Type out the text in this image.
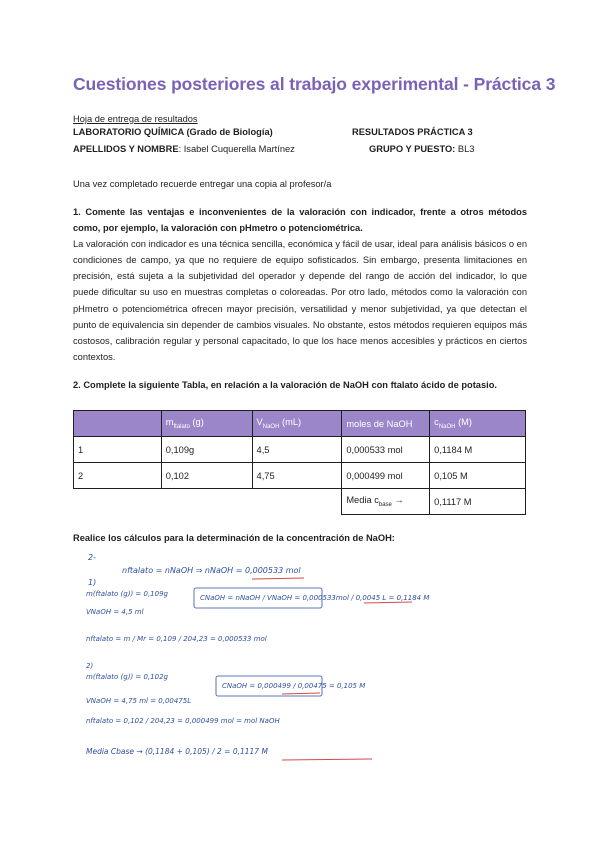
Cuestiones posteriores al trabajo experimental - Práctica 3
Hoja de entrega de resultados
LABORATORIO QUÍMICA (Grado de Biología)	RESULTADOS PRÁCTICA 3
APELLIDOS Y NOMBRE: Isabel Cuquerella Martínez	GRUPO Y PUESTO: BL3
Una vez completado recuerde entregar una copia al profesor/a
1. Comente las ventajas e inconvenientes de la valoración con indicador, frente a otros métodos como, por ejemplo, la valoración con pHmetro o potenciométrica.
La valoración con indicador es una técnica sencilla, económica y fácil de usar, ideal para análisis básicos o en condiciones de campo, ya que no requiere de equipo sofisticados. Sin embargo, presenta limitaciones en precisión, está sujeta a la subjetividad del operador y depende del rango de acción del indicador, lo que puede dificultar su uso en muestras completas o coloreadas. Por otro lado, métodos como la valoración con pHmetro o potenciométrica ofrecen mayor precisión, versatilidad y menor subjetividad, ya que detectan el punto de equivalencia sin depender de cambios visuales. No obstante, estos métodos requieren equipos más costosos, calibración regular y personal capacitado, lo que los hace menos accesibles y prácticos en ciertos contextos.
2. Complete la siguiente Tabla, en relación a la valoración de NaOH con ftalato ácido de potasio.
	$m_{ftalato}$ (g)	$V_{NaOH}$ (mL)	moles de NaOH	$c_{NaOH}$ (M)
1	0,109g	4,5	0,000533 mol	0,1184 M
2	0,102	4,75	0,000499 mol	0,105 M
			Media $c_{base}$ →	0,1117 M
Realice los cálculos para la determinación de la concentración de NaOH:
2-
nftalato = nNaOH ⇒ nNaOH = 0,000533 mol
1)
m(ftalato (g)) = 0,109g	CNaOH = nNaOH / VNaOH = 0,000533mol / 0,0045 L = 0,1184 M
VNaOH = 4,5 ml
nftalato = m / Mr = 0,109 / 204,23 = 0,000533 mol
2)
m(ftalato (g)) = 0,102g
CNaOH = 0,000499 / 0,00475 = 0,105 M
VNaOH = 4,75 ml = 0,00475L
nftalato = 0,102 / 204,23 = 0,000499 mol = mol NaOH
Media Cbase → (0,1184 + 0,105) / 2 = 0,1117 M
